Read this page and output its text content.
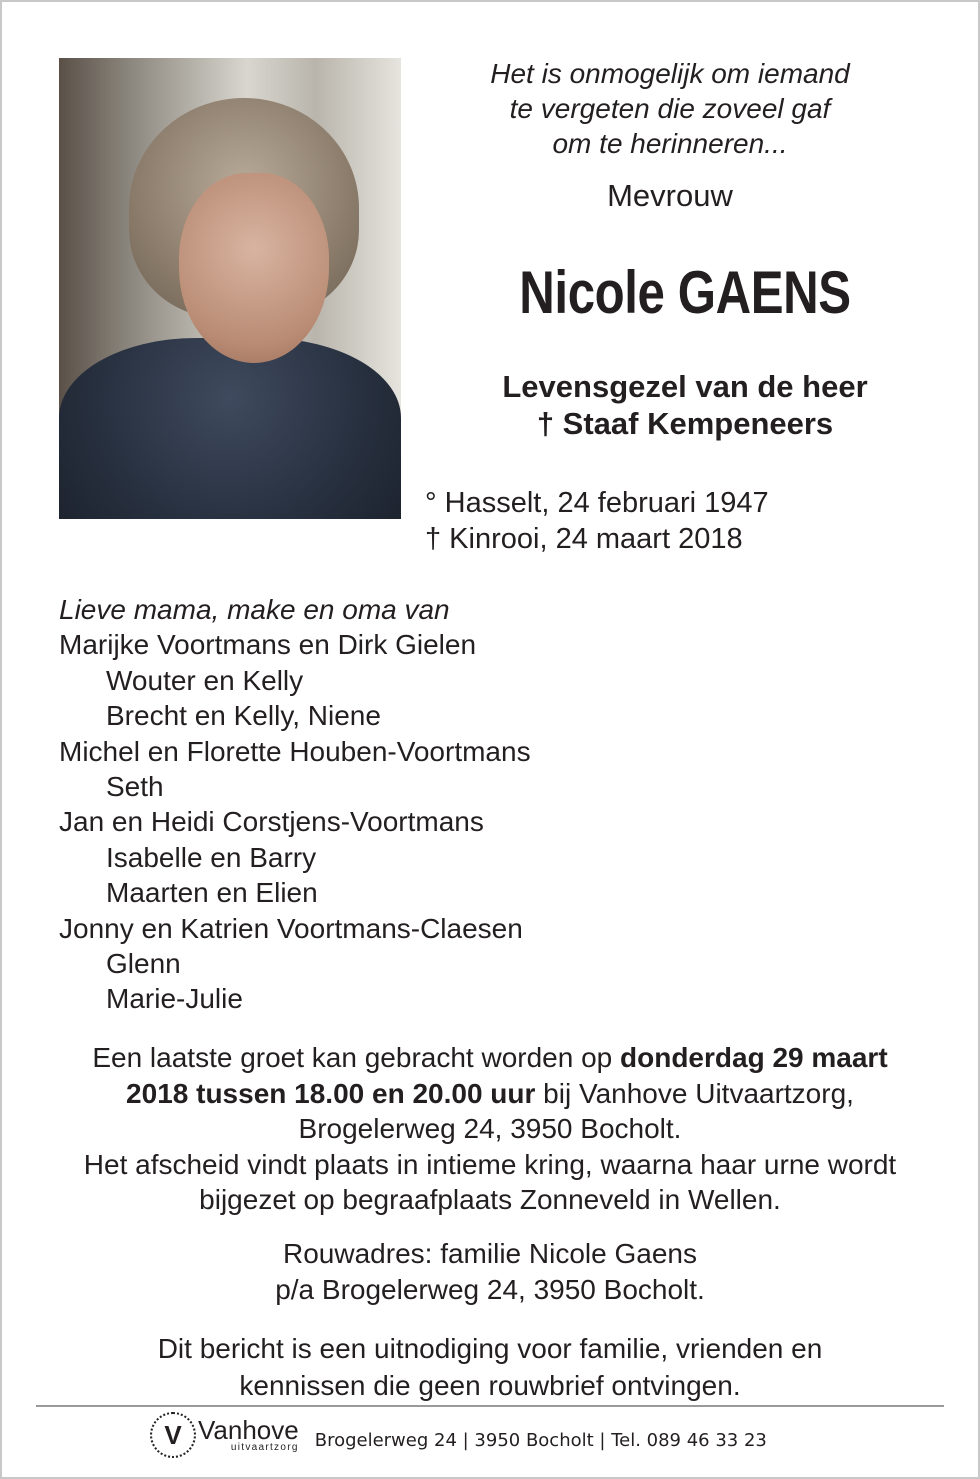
Het is onmogelijk om iemand
te vergeten die zoveel gaf
om te herinneren...
Mevrouw
Nicole GAENS
Levensgezel van de heer
† Staaf Kempeneers
° Hasselt, 24 februari 1947
† Kinrooi, 24 maart 2018
Lieve mama, make en oma van
Marijke Voortmans en Dirk Gielen
Wouter en Kelly
Brecht en Kelly, Niene
Michel en Florette Houben-Voortmans
Seth
Jan en Heidi Corstjens-Voortmans
Isabelle en Barry
Maarten en Elien
Jonny en Katrien Voortmans-Claesen
Glenn
Marie-Julie
Een laatste groet kan gebracht worden op donderdag 29 maart 2018 tussen 18.00 en 20.00 uur bij Vanhove Uitvaartzorg, Brogelerweg 24, 3950 Bocholt.
Het afscheid vindt plaats in intieme kring, waarna haar urne wordt bijgezet op begraafplaats Zonneveld in Wellen.
Rouwadres: familie Nicole Gaens
p/a Brogelerweg 24, 3950 Bocholt.
Dit bericht is een uitnodiging voor familie, vrienden en
kennissen die geen rouwbrief ontvingen.
V Vanhove
uitvaartzorg Brogelerweg 24 | 3950 Bocholt | Tel. 089 46 33 23
